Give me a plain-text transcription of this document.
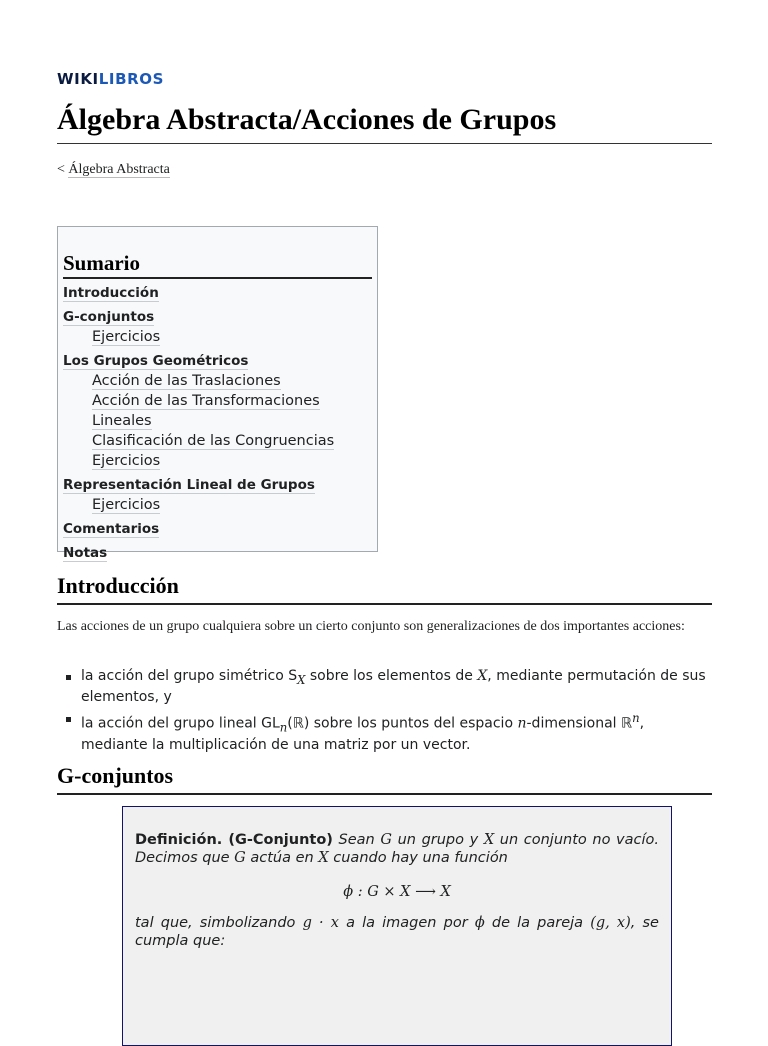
WIKILIBROS
Álgebra Abstracta/Acciones de Grupos
< Álgebra Abstracta
Sumario
Introducción
G-conjuntos
Ejercicios
Los Grupos Geométricos
Acción de las Traslaciones
Acción de las Transformaciones Lineales
Clasificación de las Congruencias
Ejercicios
Representación Lineal de Grupos
Ejercicios
Comentarios
Notas
Introducción

Las acciones de un grupo cualquiera sobre un cierto conjunto son generalizaciones de dos importantes acciones:

la acción del grupo simétrico $S_X$ sobre los elementos de X, mediante permutación de sus elementos, y
la acción del grupo lineal $GL_n(ℝ)$ sobre los puntos del espacio n-dimensional ℝ$^n$, mediante la multiplicación de una matriz por un vector.
G-conjuntos

Definición. (G-Conjunto) Sean G un grupo y X un conjunto no vacío. Decimos que G actúa en X cuando hay una función

ϕ : G × X ⟶ X

tal que, simbolizando g · x a la imagen por ϕ de la pareja (g, x), se cumpla que:
